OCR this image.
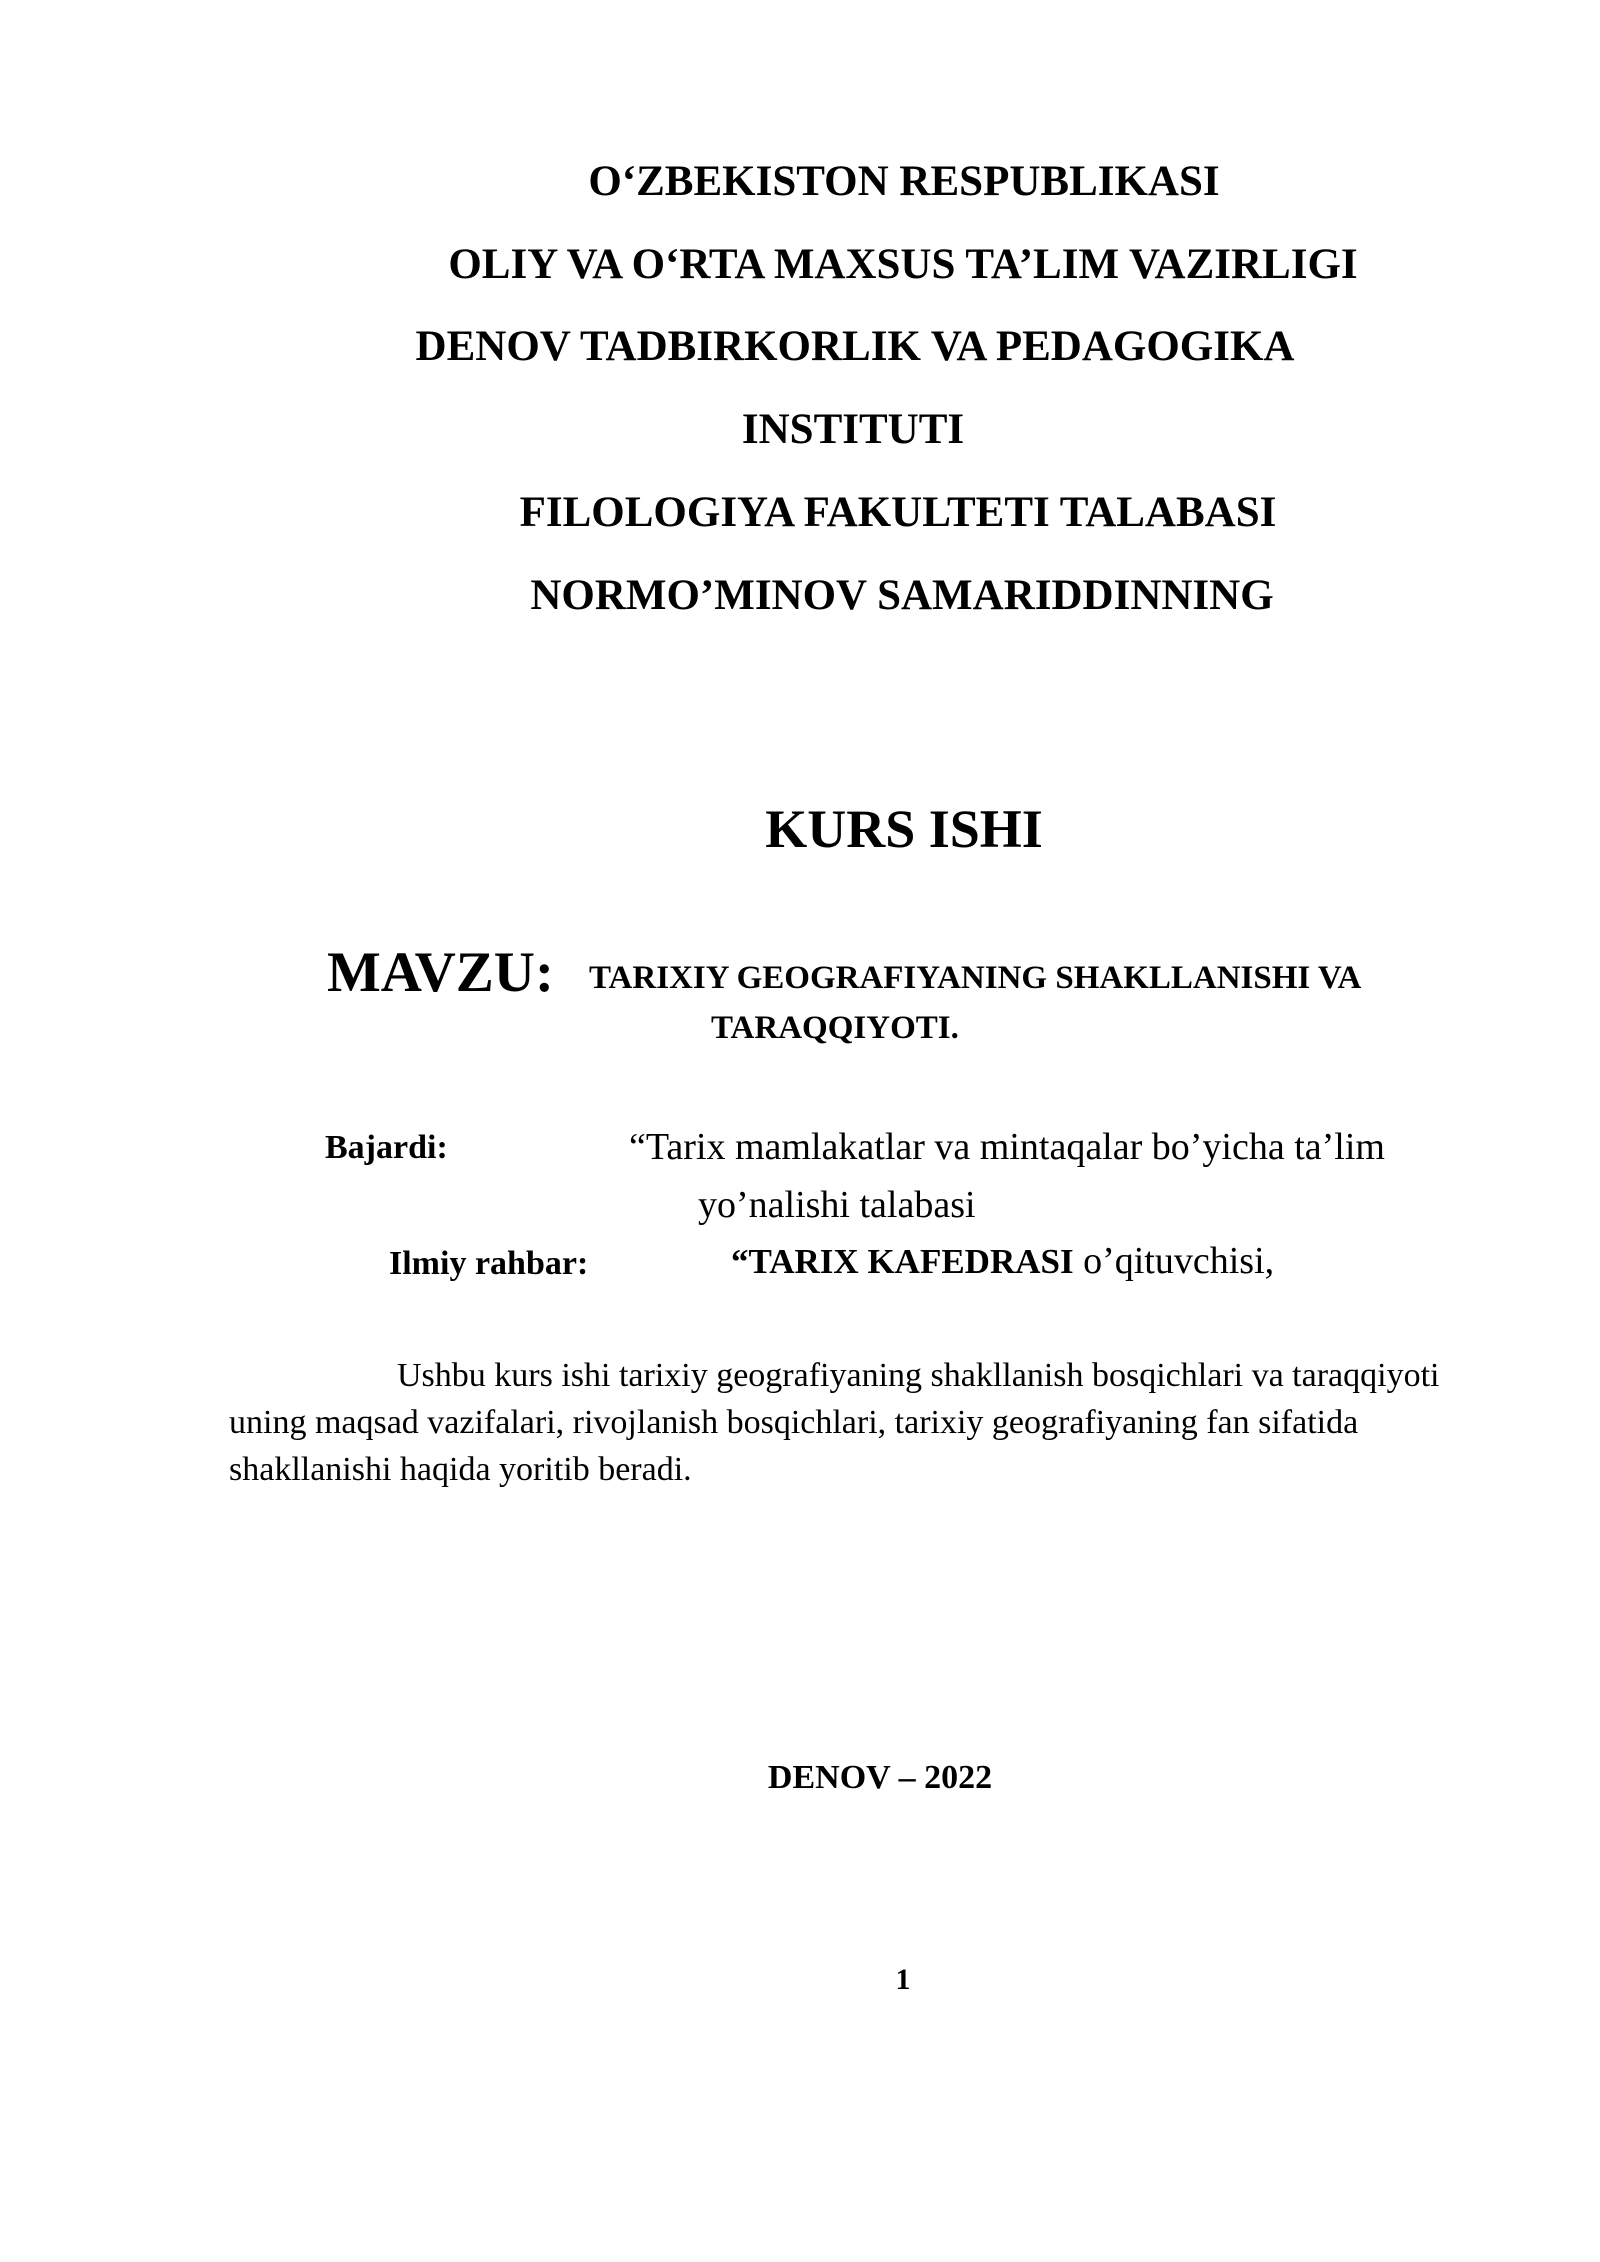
O‘ZBEKISTON RESPUBLIKASI
OLIY VA O‘RTA MAXSUS TA’LIM VAZIRLIGI
DENOV TADBIRKORLIK VA PEDAGOGIKA
INSTITUTI
FILOLOGIYA FAKULTETI TALABASI
NORMO’MINOV SAMARIDDINNING
KURS ISHI
MAVZU: TARIXIY GEOGRAFIYANING SHAKLLANISHI VA
TARAQQIYOTI.
Bajardi:	“Tarix mamlakatlar va mintaqalar bo’yicha ta’lim
yo’nalishi talabasi
Ilmiy rahbar:	“TARIX KAFEDRASI o’qituvchisi,
Ushbu kurs ishi tarixiy geografiyaning shakllanish bosqichlari va taraqqiyoti uning maqsad vazifalari, rivojlanish bosqichlari, tarixiy geografiyaning fan sifatida shakllanishi haqida yoritib beradi.
DENOV – 2022
1
